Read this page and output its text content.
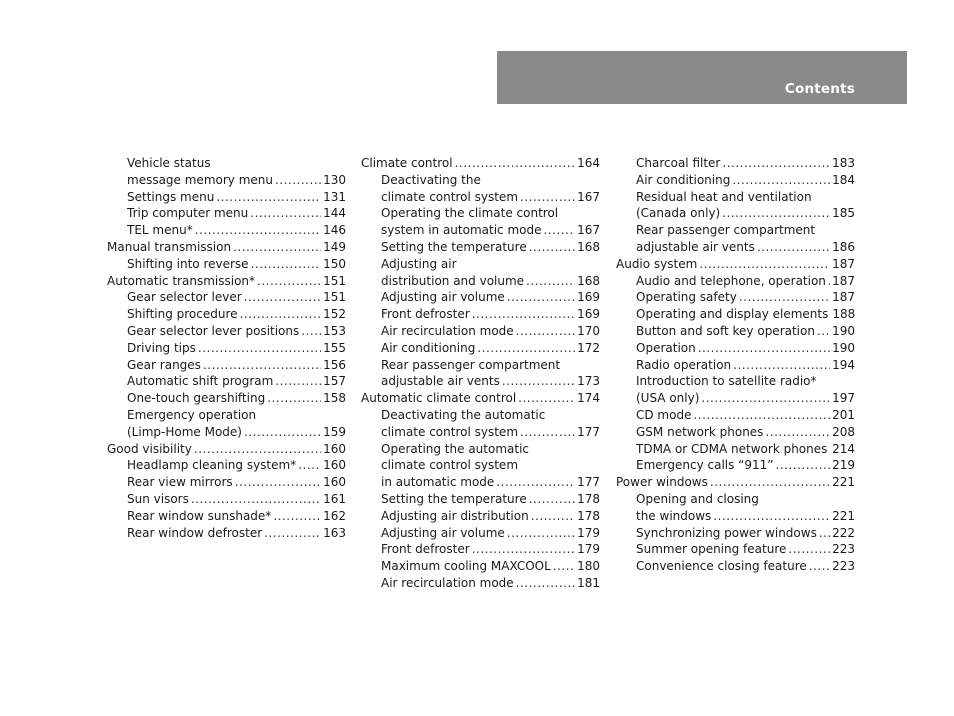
Contents
Vehicle status
message memory menu .....	130
Settings menu .....	131
Trip computer menu .....	144
TEL menu* .....	146
Manual transmission .....	149
Shifting into reverse .....	150
Automatic transmission* .....	151
Gear selector lever .....	151
Shifting procedure .....	152
Gear selector lever positions ..... 153
Driving tips .....	155
Gear ranges .....	156
Automatic shift program .....	157
One-touch gearshifting .....	158
Emergency operation
(Limp-Home Mode) .....	159
Good visibility .....	160
Headlamp cleaning system* ..... 160
Rear view mirrors .....	160
Sun visors .....	161
Rear window sunshade* .....	162
Rear window defroster .....	163
Climate control .....	164
Deactivating the
climate control system .....	167
Operating the climate control
system in automatic mode .....	167
Setting the temperature .....	168
Adjusting air
distribution and volume .....	168
Adjusting air volume .....	169
Front defroster .....	169
Air recirculation mode .....	170
Air conditioning .....	172
Rear passenger compartment
adjustable air vents .....	173
Automatic climate control .....	174
Deactivating the automatic
climate control system .....	177
Operating the automatic
climate control system
in automatic mode .....	177
Setting the temperature .....	178
Adjusting air distribution .....	178
Adjusting air volume .....	179
Front defroster .....	179
Maximum cooling MAXCOOL ..... 180
Air recirculation mode .....	181
Charcoal filter .....	183
Air conditioning .....	184
Residual heat and ventilation
(Canada only) .....	185
Rear passenger compartment
adjustable air vents .....	186
Audio system .....	187
Audio and telephone, operation ..... 187
Operating safety .....	187
Operating and display elements 188
Button and soft key operation ..... 190
Operation .....	190
Radio operation .....	194
Introduction to satellite radio*
(USA only) .....	197
CD mode .....	201
GSM network phones .....	208
TDMA or CDMA network phones ..... 214
Emergency calls “911” .....	219
Power windows .....	221
Opening and closing
the windows .....	221
Synchronizing power windows ..... 222
Summer opening feature .....	223
Convenience closing feature ..... 223
